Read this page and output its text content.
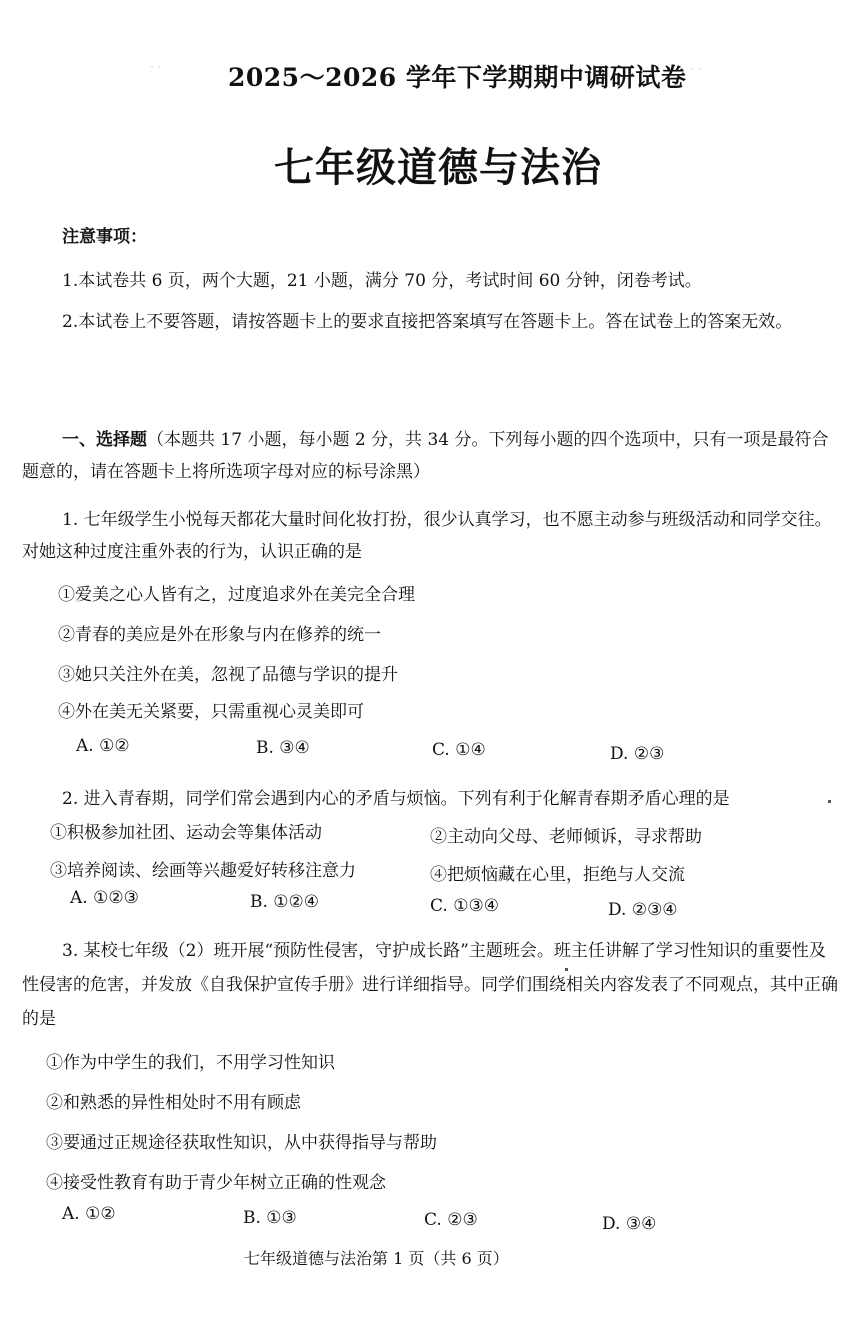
· ·	· ·
2025～2026 学年下学期期中调研试卷
七年级道德与法治
注意事项：
1.本试卷共 6 页，两个大题，21 小题，满分 70 分，考试时间 60 分钟，闭卷考试。
2.本试卷上不要答题，请按答题卡上的要求直接把答案填写在答题卡上。答在试卷上的答案无效。
一、选择题（本题共 17 小题，每小题 2 分，共 34 分。下列每小题的四个选项中，只有一项是最符合题意的，请在答题卡上将所选项字母对应的标号涂黑）
1. 七年级学生小悦每天都花大量时间化妆打扮，很少认真学习，也不愿主动参与班级活动和同学交往。对她这种过度注重外表的行为，认识正确的是
①爱美之心人皆有之，过度追求外在美完全合理
②青春的美应是外在形象与内在修养的统一
③她只关注外在美，忽视了品德与学识的提升
④外在美无关紧要，只需重视心灵美即可
A. ①②	B. ③④	C. ①④	D. ②③
2. 进入青春期，同学们常会遇到内心的矛盾与烦恼。下列有利于化解青春期矛盾心理的是
①积极参加社团、运动会等集体活动	②主动向父母、老师倾诉，寻求帮助
③培养阅读、绘画等兴趣爱好转移注意力	④把烦恼藏在心里，拒绝与人交流
A. ①②③	B. ①②④	C. ①③④	D. ②③④
3. 某校七年级（2）班开展“预防性侵害，守护成长路”主题班会。班主任讲解了学习性知识的重要性及性侵害的危害，并发放《自我保护宣传手册》进行详细指导。同学们围绕相关内容发表了不同观点，其中正确的是
①作为中学生的我们，不用学习性知识
②和熟悉的异性相处时不用有顾虑
③要通过正规途径获取性知识，从中获得指导与帮助
④接受性教育有助于青少年树立正确的性观念
A. ①②	B. ①③	C. ②③	D. ③④
七年级道德与法治第 1 页（共 6 页）
